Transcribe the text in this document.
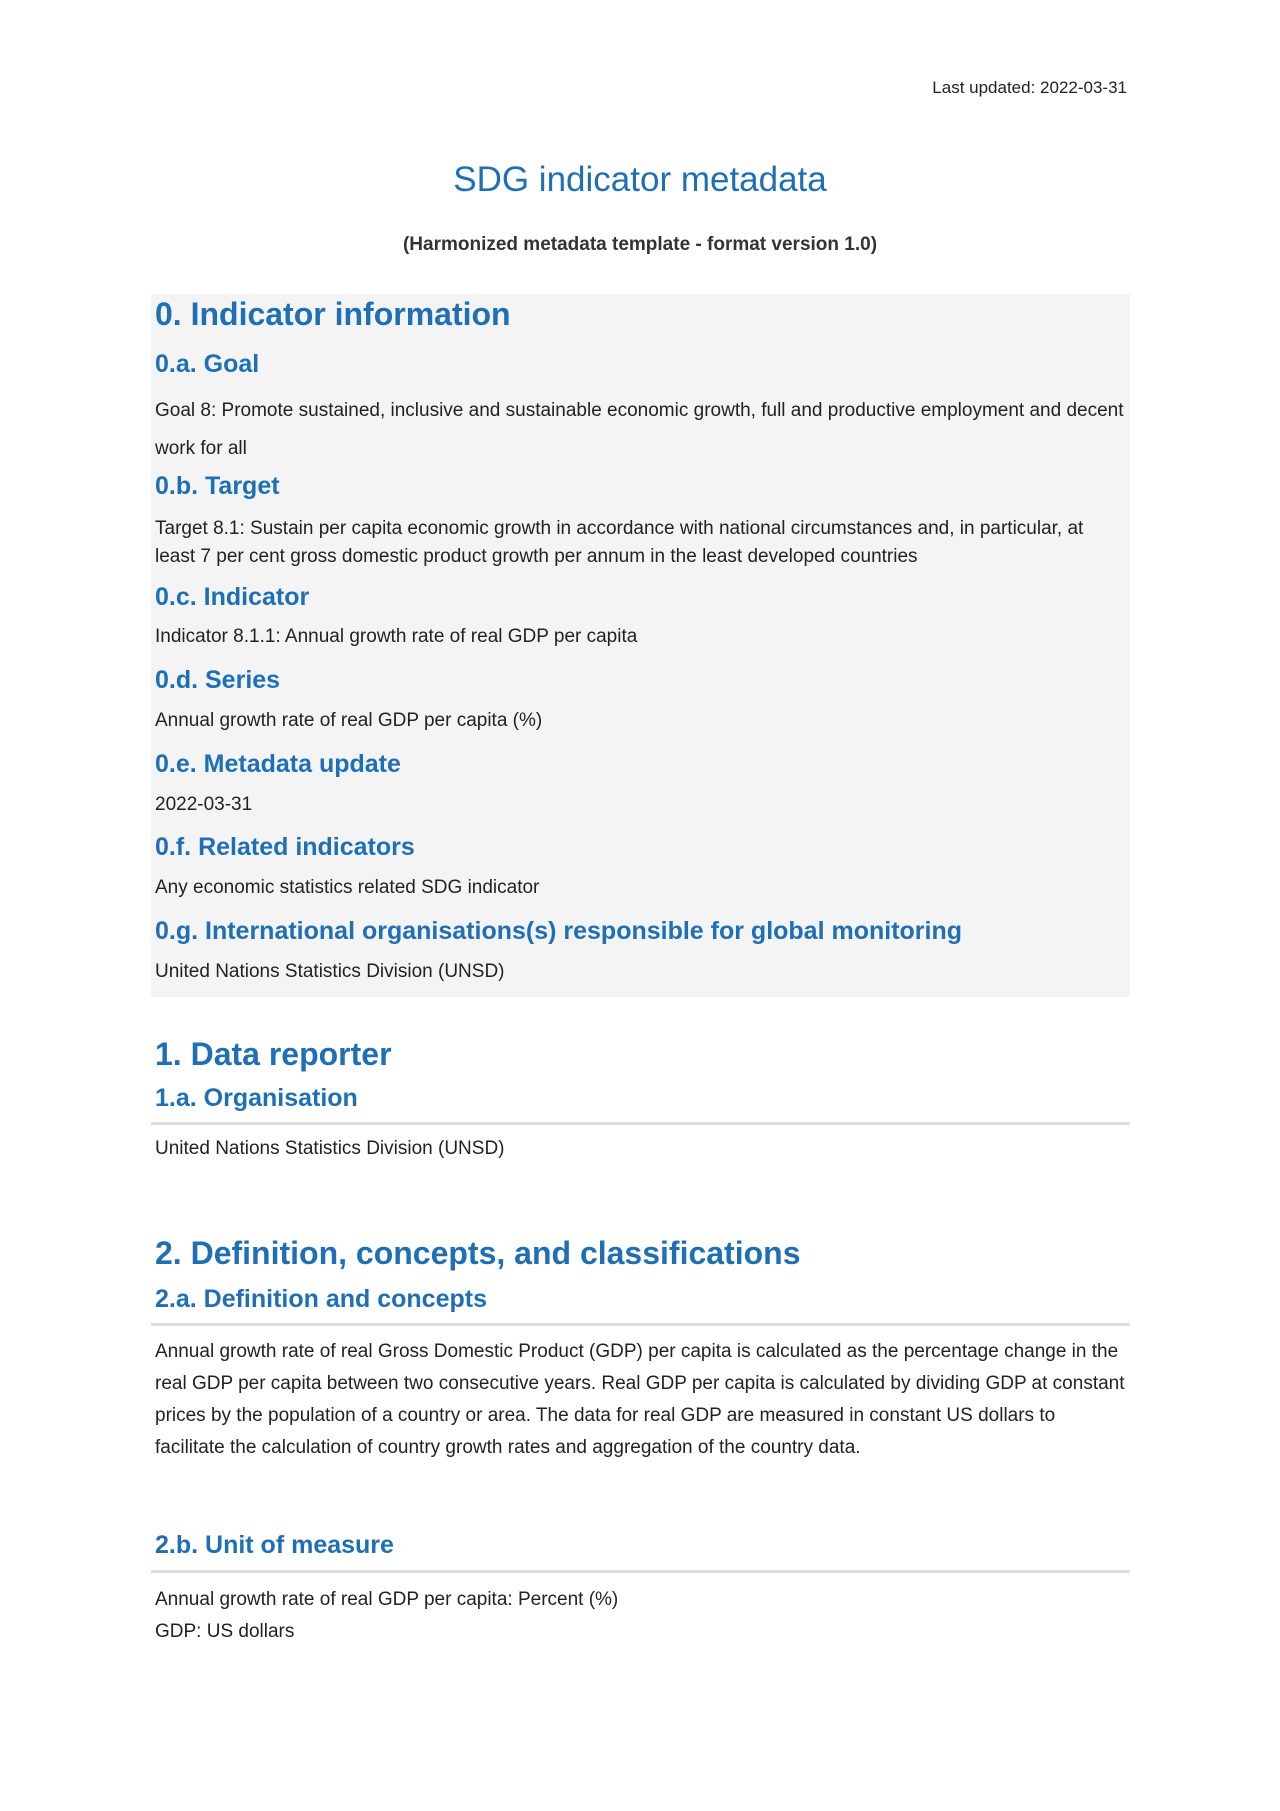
Last updated: 2022-03-31
SDG indicator metadata
(Harmonized metadata template - format version 1.0)
0. Indicator information
0.a. Goal

Goal 8: Promote sustained, inclusive and sustainable economic growth, full and productive employment and decent work for all

0.b. Target

Target 8.1: Sustain per capita economic growth in accordance with national circumstances and, in particular, at least 7 per cent gross domestic product growth per annum in the least developed countries

0.c. Indicator

Indicator 8.1.1: Annual growth rate of real GDP per capita

0.d. Series

Annual growth rate of real GDP per capita (%)

0.e. Metadata update

2022-03-31

0.f. Related indicators

Any economic statistics related SDG indicator

0.g. International organisations(s) responsible for global monitoring

United Nations Statistics Division (UNSD)

1. Data reporter
1.a. Organisation

United Nations Statistics Division (UNSD)

2. Definition, concepts, and classifications
2.a. Definition and concepts

Annual growth rate of real Gross Domestic Product (GDP) per capita is calculated as the percentage change in the real GDP per capita between two consecutive years. Real GDP per capita is calculated by dividing GDP at constant prices by the population of a country or area. The data for real GDP are measured in constant US dollars to facilitate the calculation of country growth rates and aggregation of the country data.

2.b. Unit of measure

Annual growth rate of real GDP per capita: Percent (%)

GDP: US dollars
